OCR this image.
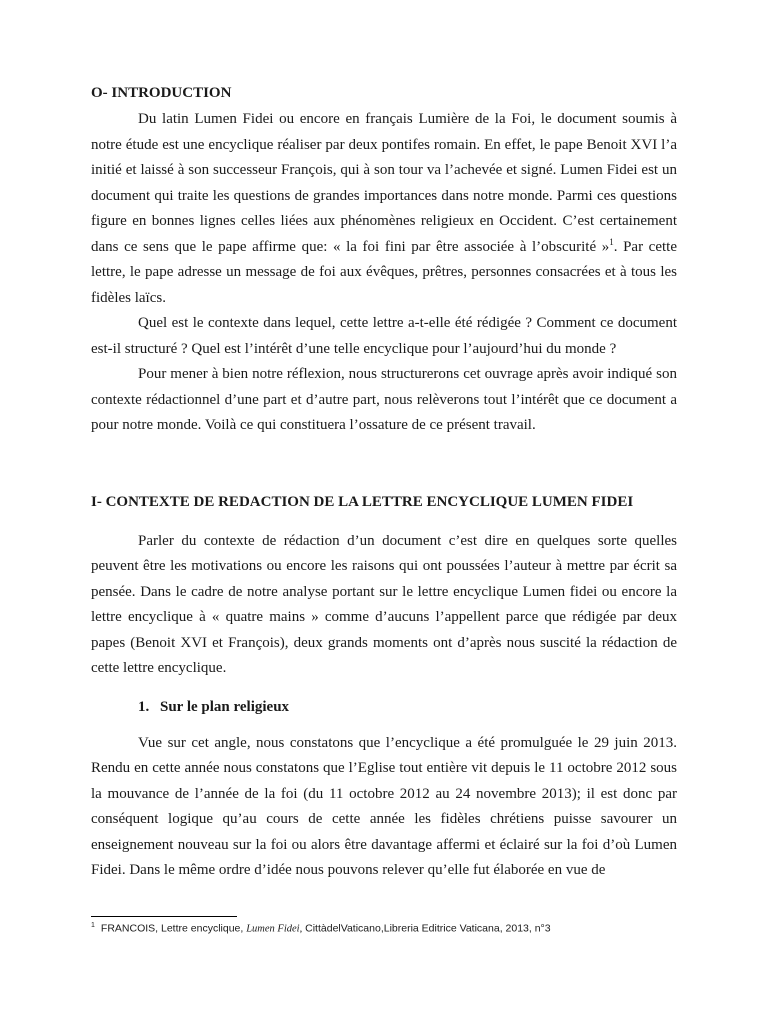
O- INTRODUCTION

Du latin Lumen Fidei ou encore en français Lumière de la Foi, le document soumis à notre étude est une encyclique réaliser par deux pontifes romain. En effet, le pape Benoit XVI l’a initié et laissé à son successeur François, qui à son tour va l’achevée et signé. Lumen Fidei est un document qui traite les questions de grandes importances dans notre monde. Parmi ces questions figure en bonnes lignes celles liées aux phénomènes religieux en Occident. C’est certainement dans ce sens que le pape affirme que: « la foi fini par être associée à l’obscurité »$^1$. Par cette lettre, le pape adresse un message de foi aux évêques, prêtres, personnes consacrées et à tous les fidèles laïcs.

Quel est le contexte dans lequel, cette lettre a-t-elle été rédigée ? Comment ce document est-il structuré ? Quel est l’intérêt d’une telle encyclique pour l’aujourd’hui du monde ?

Pour mener à bien notre réflexion, nous structurerons cet ouvrage après avoir indiqué son contexte rédactionnel d’une part et d’autre part, nous relèverons tout l’intérêt que ce document a pour notre monde. Voilà ce qui constituera l’ossature de ce présent travail.

I- CONTEXTE DE REDACTION DE LA LETTRE ENCYCLIQUE LUMEN FIDEI

Parler du contexte de rédaction d’un document c’est dire en quelques sorte quelles peuvent être les motivations ou encore les raisons qui ont poussées l’auteur à mettre par écrit sa pensée. Dans le cadre de notre analyse portant sur le lettre encyclique Lumen fidei ou encore la lettre encyclique à « quatre mains » comme d’aucuns l’appellent parce que rédigée par deux papes (Benoit XVI et François), deux grands moments ont d’après nous suscité la rédaction de cette lettre encyclique.

1. Sur le plan religieux

Vue sur cet angle, nous constatons que l’encyclique a été promulguée le 29 juin 2013. Rendu en cette année nous constatons que l’Eglise tout entière vit depuis le 11 octobre 2012 sous la mouvance de l’année de la foi (du 11 octobre 2012 au 24 novembre 2013); il est donc par conséquent logique qu’au cours de cette année les fidèles chrétiens puisse savourer un enseignement nouveau sur la foi ou alors être davantage affermi et éclairé sur la foi d’où Lumen Fidei. Dans le même ordre d’idée nous pouvons relever qu’elle fut élaborée en vue de

$^1$ FRANCOIS, Lettre encyclique, Lumen Fidei, CittàdelVaticano,Libreria Editrice Vaticana, 2013, n°3
